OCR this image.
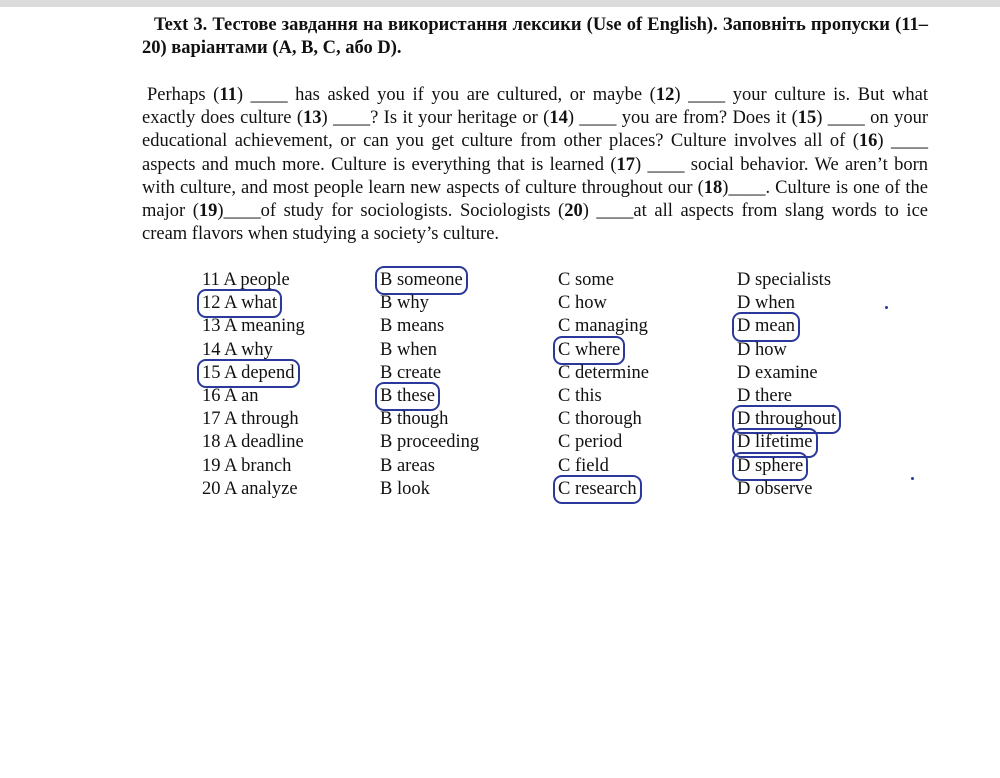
Text 3. Тестове завдання на використання лексики (Use of English). Заповніть пропуски (11–20) варіантами (A, B, C, або D).
Perhaps (11) ____ has asked you if you are cultured, or maybe (12) ____ your culture is. But what exactly does culture (13) ____? Is it your heritage or (14) ____ you are from? Does it (15) ____ on your educational achievement, or can you get culture from other places? Culture involves all of (16) ____ aspects and much more. Culture is everything that is learned (17) ____ social behavior. We aren’t born with culture, and most people learn new aspects of culture throughout our (18)____. Culture is one of the major (19)____of study for sociologists. Sociologists (20) ____at all aspects from slang words to ice cream flavors when studying a society’s culture.
11 A people	B someone	C some	D specialists
12 A what	B why	C how	D when
13 A meaning	B means	C managing	D mean
14 A why	B when	C where	D how
15 A depend	B create	C determine	D examine
16 A an	B these	C this	D there
17 A through	B though	C thorough	D throughout
18 A deadline	B proceeding	C period	D lifetime
19 A branch	B areas	C field	D sphere
20 A analyze	B look	C research	D observe
